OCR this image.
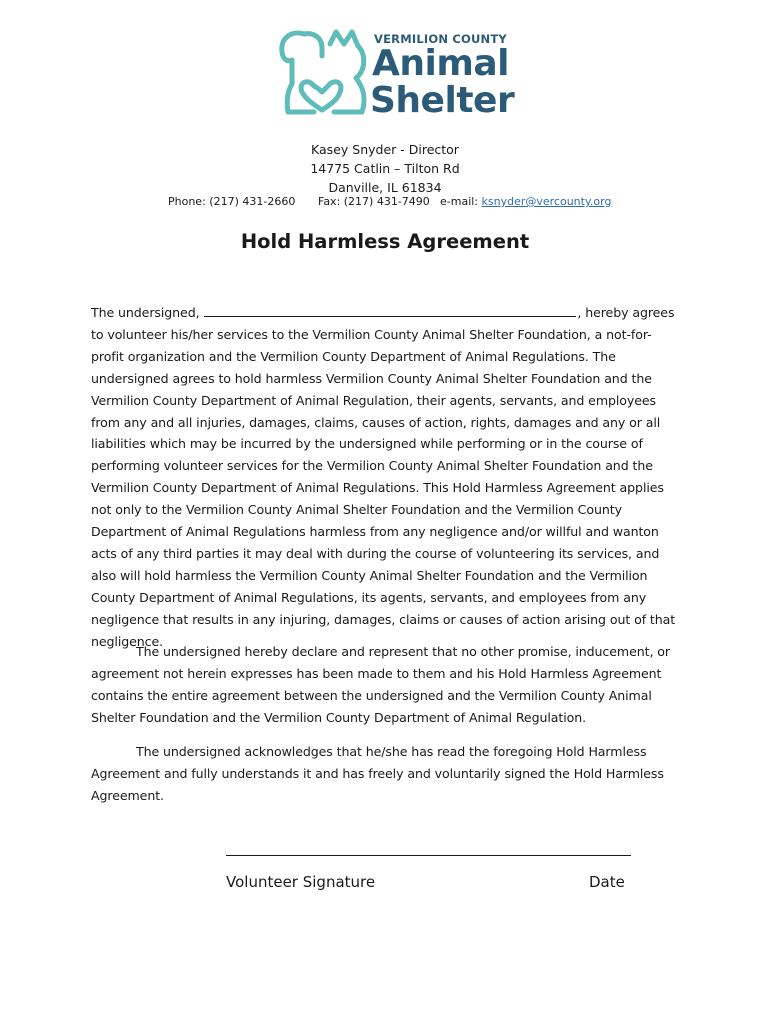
VERMILION COUNTY
Animal
Shelter
Kasey Snyder - Director
14775 Catlin – Tilton Rd
Danville, IL 61834
Phone: (217) 431-2660 Fax: (217) 431-7490 e-mail: ksnyder@vercounty.org
Hold Harmless Agreement
The undersigned,	, hereby agrees to volunteer his/her services to the Vermilion County Animal Shelter Foundation, a not-for-profit organization and the Vermilion County Department of Animal Regulations. The undersigned agrees to hold harmless Vermilion County Animal Shelter Foundation and the Vermilion County Department of Animal Regulation, their agents, servants, and employees from any and all injuries, damages, claims, causes of action, rights, damages and any or all liabilities which may be incurred by the undersigned while performing or in the course of performing volunteer services for the Vermilion County Animal Shelter Foundation and the Vermilion County Department of Animal Regulations. This Hold Harmless Agreement applies not only to the Vermilion County Animal Shelter Foundation and the Vermilion County Department of Animal Regulations harmless from any negligence and/or willful and wanton acts of any third parties it may deal with during the course of volunteering its services, and also will hold harmless the Vermilion County Animal Shelter Foundation and the Vermilion County Department of Animal Regulations, its agents, servants, and employees from any negligence that results in any injuring, damages, claims or causes of action arising out of that negligence.
The undersigned hereby declare and represent that no other promise, inducement, or agreement not herein expresses has been made to them and his Hold Harmless Agreement contains the entire agreement between the undersigned and the Vermilion County Animal Shelter Foundation and the Vermilion County Department of Animal Regulation.
The undersigned acknowledges that he/she has read the foregoing Hold Harmless Agreement and fully understands it and has freely and voluntarily signed the Hold Harmless Agreement.
Volunteer Signature	Date
